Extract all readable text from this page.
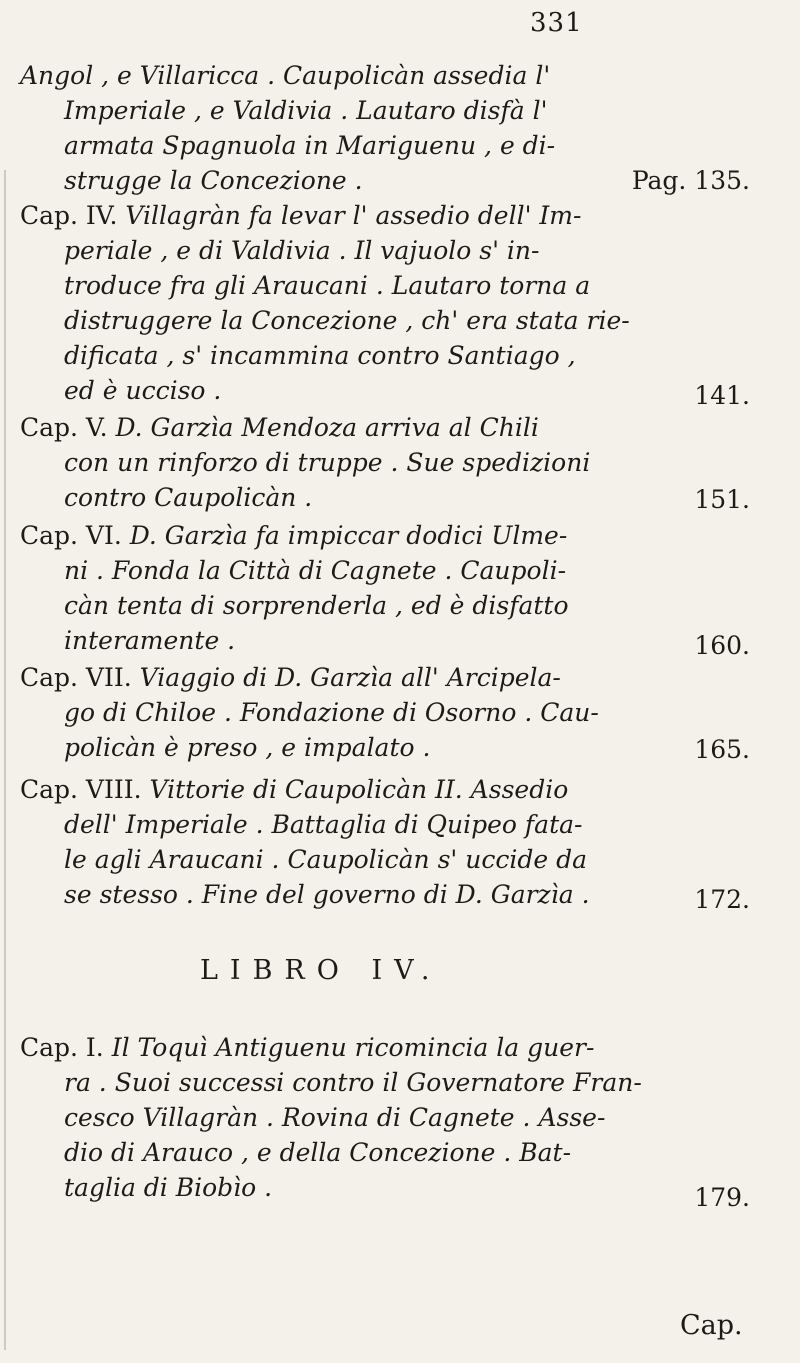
331
Angol , e Villaricca . Caupolicàn assedia l'
Imperiale , e Valdivia . Lautaro disfà l'
armata Spagnuola in Mariguenu , e di-
strugge la Concezione .	Pag. 135.
Cap. IV. Villagràn fa levar l' assedio dell' Im-
periale , e di Valdivia . Il vajuolo s' in-
troduce fra gli Araucani . Lautaro torna a
distruggere la Concezione , ch' era stata rie-
dificata , s' incammina contro Santiago ,
ed è ucciso .	141.
Cap. V. D. Garzìa Mendoza arriva al Chili
con un rinforzo di truppe . Sue spedizioni
contro Caupolicàn .	151.
Cap. VI. D. Garzìa fa impiccar dodici Ulme-
ni . Fonda la Città di Cagnete . Caupoli-
càn tenta di sorprenderla , ed è disfatto
interamente .	160.
Cap. VII. Viaggio di D. Garzìa all' Arcipela-
go di Chiloe . Fondazione di Osorno . Cau-
policàn è preso , e impalato .	165.
Cap. VIII. Vittorie di Caupolicàn II. Assedio
dell' Imperiale . Battaglia di Quipeo fata-
le agli Araucani . Caupolicàn s' uccide da
se stesso . Fine del governo di D. Garzìa .	172.
LIBRO IV.
Cap. I. Il Toquì Antiguenu ricomincia la guer-
ra . Suoi successi contro il Governatore Fran-
cesco Villagràn . Rovina di Cagnete . Asse-
dio di Arauco , e della Concezione . Bat-
taglia di Biobìo .	179.
Cap.
